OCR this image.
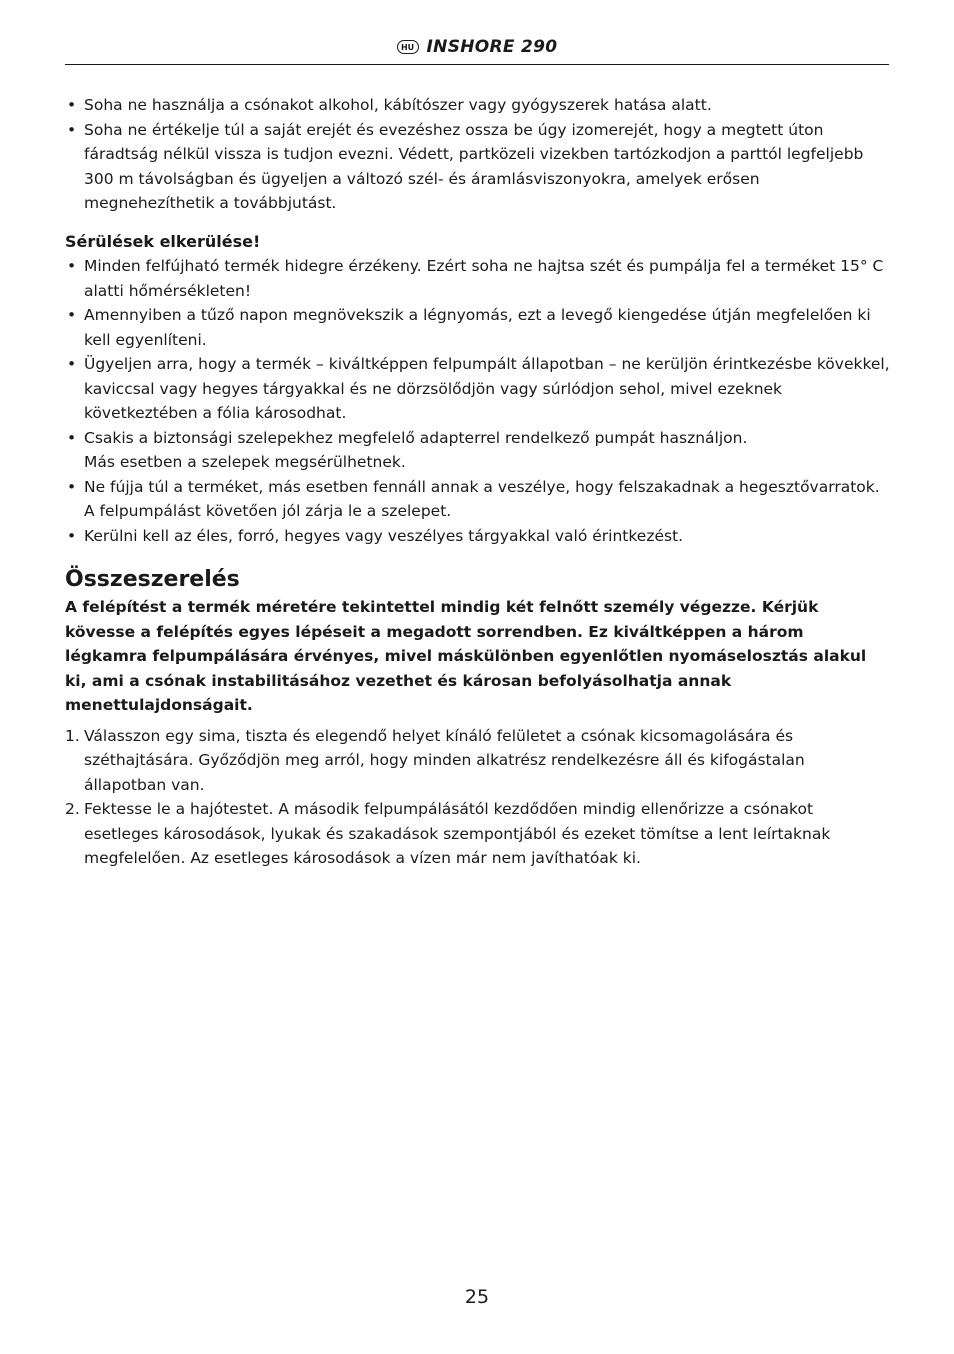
HU INSHORE 290
• Soha ne használja a csónakot alkohol, kábítószer vagy gyógyszerek hatása alatt.
• Soha ne értékelje túl a saját erejét és evezéshez ossza be úgy izomerejét, hogy a megtett úton fáradtság nélkül vissza is tudjon evezni. Védett, partközeli vizekben tartózkodjon a parttól legfeljebb 300 m távolságban és ügyeljen a változó szél- és áramlásviszonyokra, amelyek erősen megnehezíthetik a továbbjutást.
Sérülések elkerülése!
• Minden felfújható termék hidegre érzékeny. Ezért soha ne hajtsa szét és pumpálja fel a terméket 15° C alatti hőmérsékleten!
• Amennyiben a tűző napon megnövekszik a légnyomás, ezt a levegő kiengedése útján megfelelően ki kell egyenlíteni.
• Ügyeljen arra, hogy a termék – kiváltképpen felpumpált állapotban – ne kerüljön érintkezésbe kövekkel, kaviccsal vagy hegyes tárgyakkal és ne dörzsölődjön vagy súrlódjon sehol, mivel ezeknek következtében a fólia károsodhat.
• Csakis a biztonsági szelepekhez megfelelő adapterrel rendelkező pumpát használjon.
Más esetben a szelepek megsérülhetnek.
• Ne fújja túl a terméket, más esetben fennáll annak a veszélye, hogy felszakadnak a hegesztővarratok. A felpumpálást követően jól zárja le a szelepet.
• Kerülni kell az éles, forró, hegyes vagy veszélyes tárgyakkal való érintkezést.
Összeszerelés
A felépítést a termék méretére tekintettel mindig két felnőtt személy végezze. Kérjük kövesse a felépítés egyes lépéseit a megadott sorrendben. Ez kiváltképpen a három légkamra felpumpálására érvényes, mivel máskülönben egyenlőtlen nyomáselosztás alakul ki, ami a csónak instabilitásához vezethet és károsan befolyásolhatja annak menettulajdonságait.
1. Válasszon egy sima, tiszta és elegendő helyet kínáló felületet a csónak kicsomagolására és széthajtására. Győződjön meg arról, hogy minden alkatrész rendelkezésre áll és kifogástalan állapotban van.
2. Fektesse le a hajótestet. A második felpumpálásától kezdődően mindig ellenőrizze a csónakot esetleges károsodások, lyukak és szakadások szempontjából és ezeket tömítse a lent leírtaknak megfelelően. Az esetleges károsodások a vízen már nem javíthatóak ki.
25
